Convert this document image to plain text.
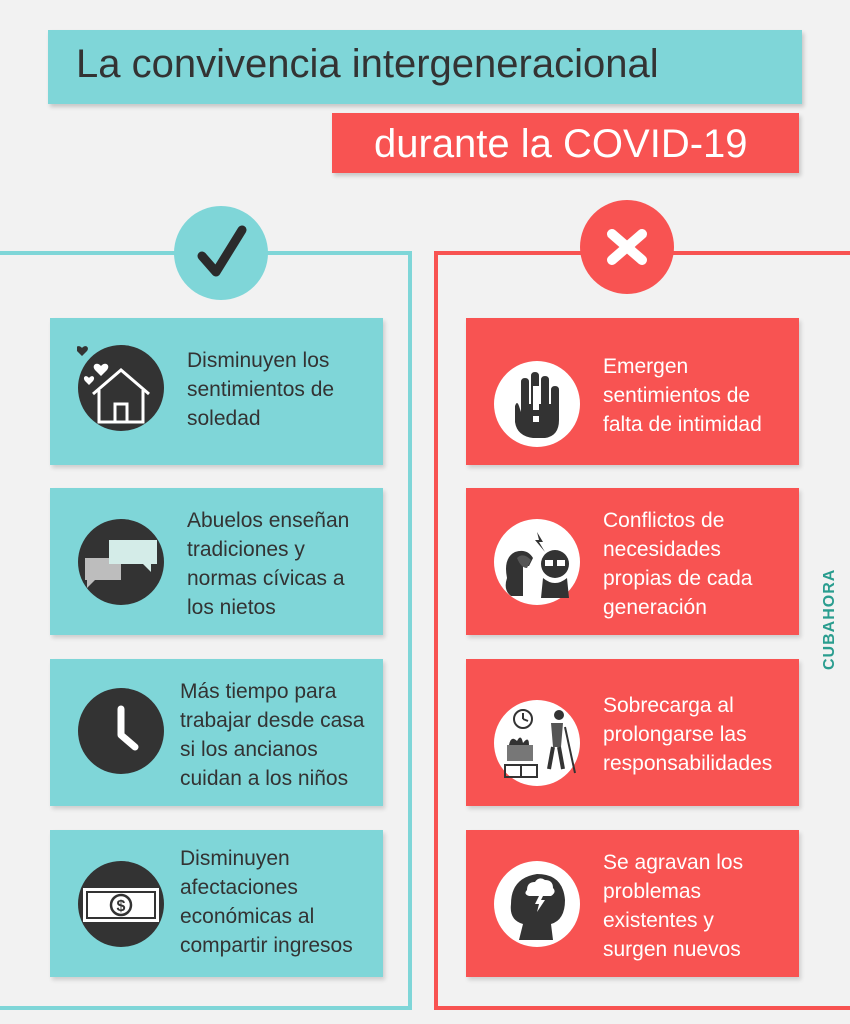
La convivencia intergeneracional
durante la COVID-19
Disminuyen los
sentimientos de
soledad
Abuelos enseñan
tradiciones y
normas cívicas a
los nietos
Más tiempo para
trabajar desde casa
si los ancianos
cuidan a los niños
$
Disminuyen
afectaciones
económicas al
compartir ingresos
Emergen
sentimientos de
falta de intimidad
Conflictos de
necesidades
propias de cada
generación
Sobrecarga al
prolongarse las
responsabilidades
Se agravan los
problemas
existentes y
surgen nuevos
CUBAHORA
